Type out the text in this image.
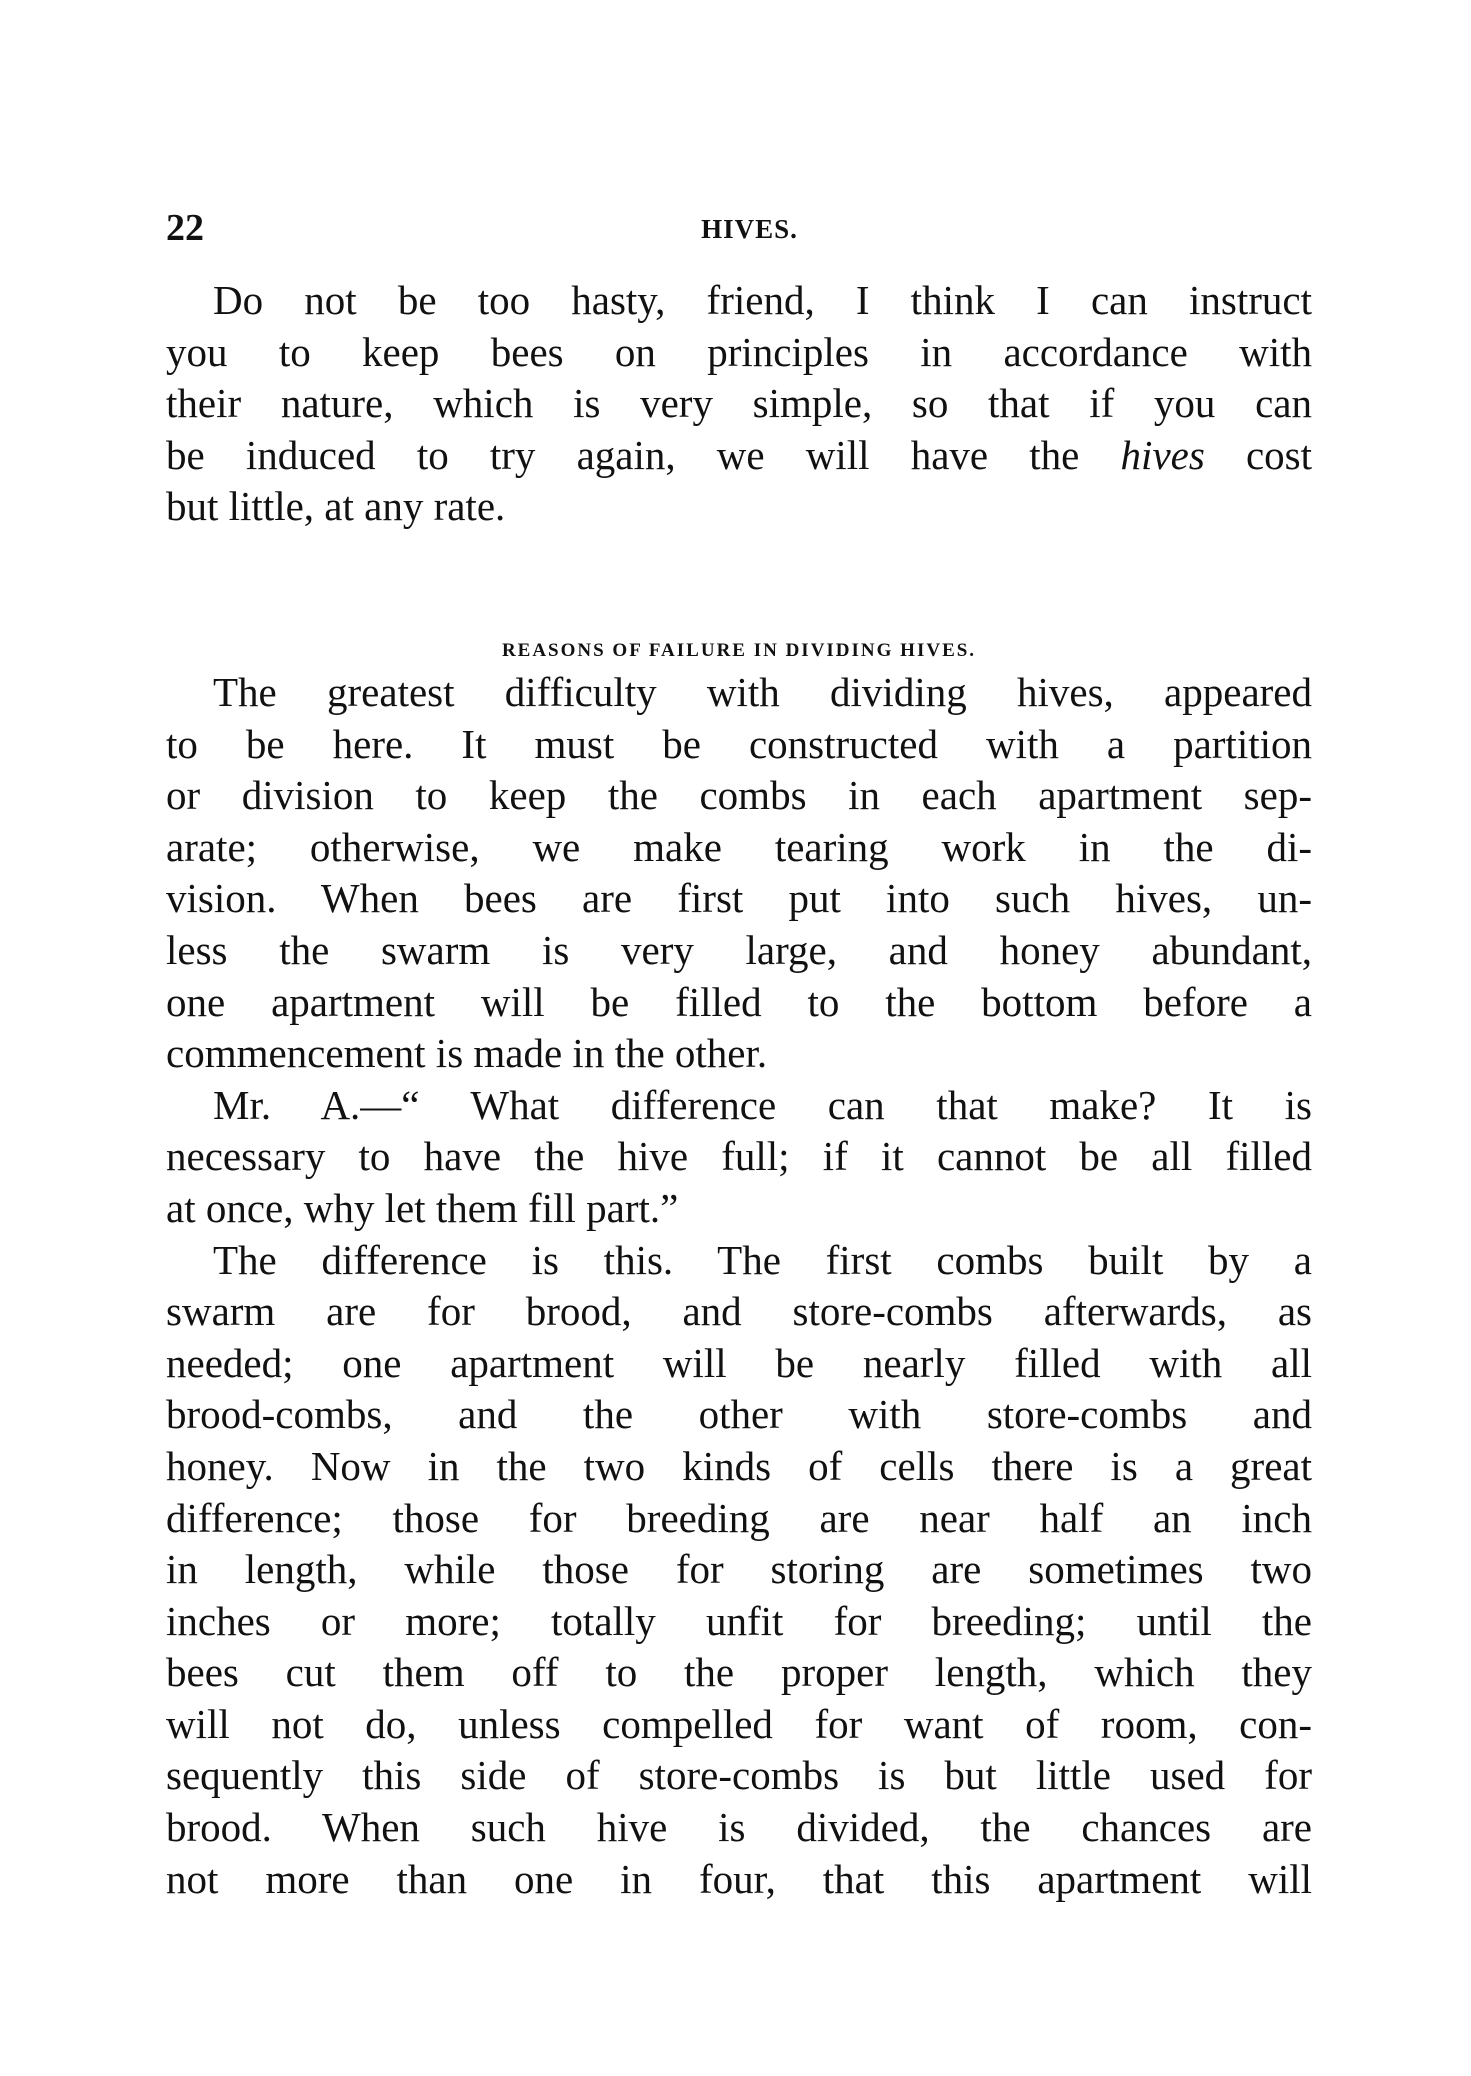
22	HIVES.
Do not be too hasty, friend, I think I can instruct
you to keep bees on principles in accordance with
their nature, which is very simple, so that if you can
be induced to try again, we will have the hives cost
but little, at any rate.
REASONS OF FAILURE IN DIVIDING HIVES.
The greatest difficulty with dividing hives, appeared
to be here. It must be constructed with a partition
or division to keep the combs in each apartment sep-
arate; otherwise, we make tearing work in the di-
vision. When bees are first put into such hives, un-
less the swarm is very large, and honey abundant,
one apartment will be filled to the bottom before a
commencement is made in the other.
Mr. A.—“ What difference can that make? It is
necessary to have the hive full; if it cannot be all filled
at once, why let them fill part.”
The difference is this. The first combs built by a
swarm are for brood, and store-combs afterwards, as
needed; one apartment will be nearly filled with all
brood-combs, and the other with store-combs and
honey. Now in the two kinds of cells there is a great
difference; those for breeding are near half an inch
in length, while those for storing are sometimes two
inches or more; totally unfit for breeding; until the
bees cut them off to the proper length, which they
will not do, unless compelled for want of room, con-
sequently this side of store-combs is but little used for
brood. When such hive is divided, the chances are
not more than one in four, that this apartment will
